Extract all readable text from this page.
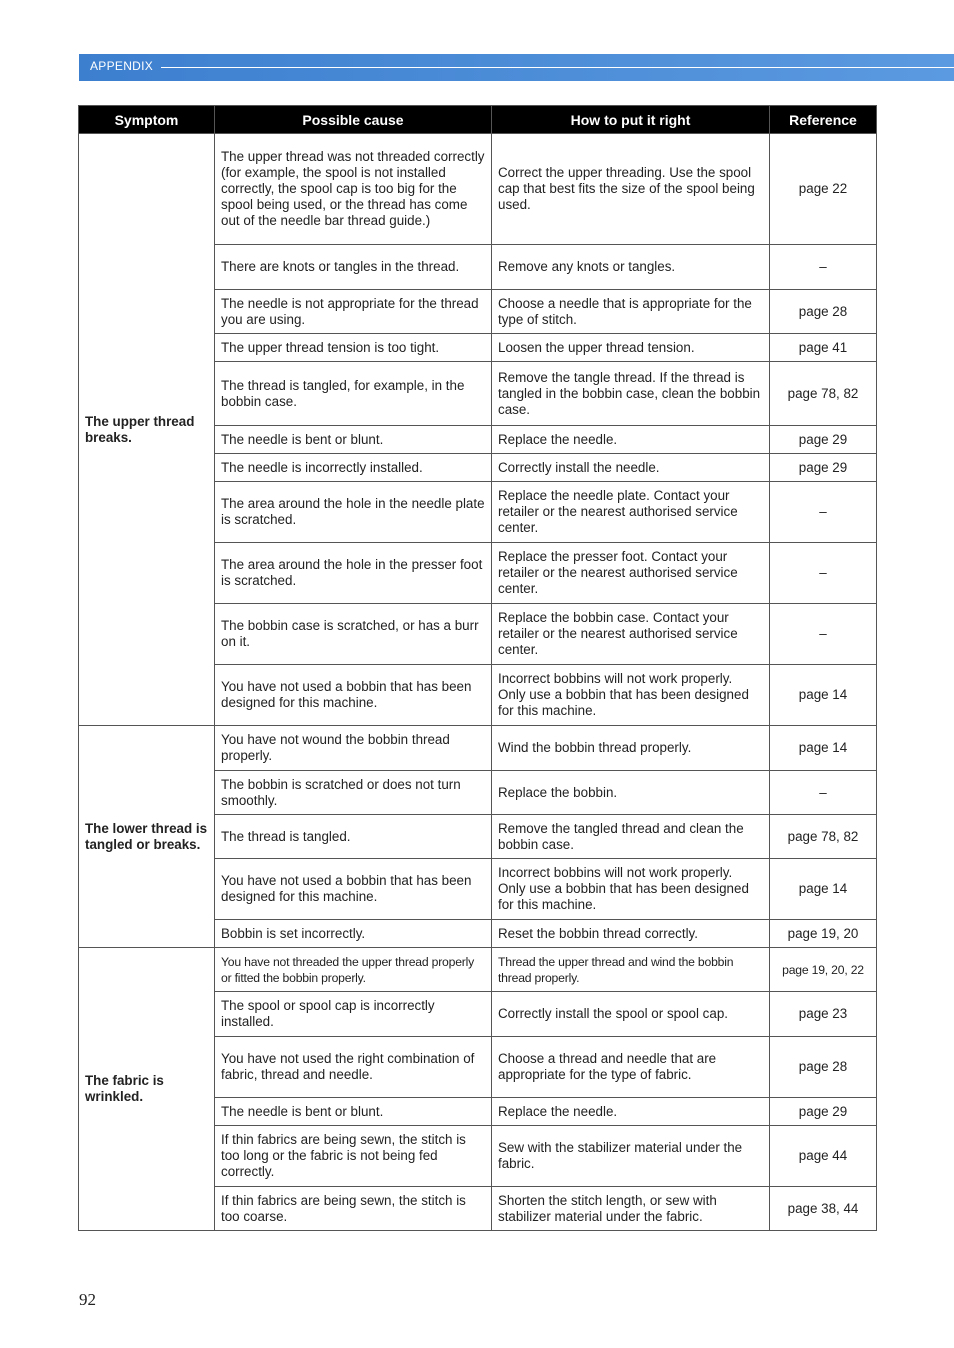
APPENDIX
Symptom	Possible cause	How to put it right	Reference
The upper thread breaks.	The upper thread was not threaded correctly (for example, the spool is not installed correctly, the spool cap is too big for the spool being used, or the thread has come out of the needle bar thread guide.)	Correct the upper threading. Use the spool cap that best fits the size of the spool being used.	page 22
	There are knots or tangles in the thread.	Remove any knots or tangles.	–
	The needle is not appropriate for the thread you are using.	Choose a needle that is appropriate for the type of stitch.	page 28
	The upper thread tension is too tight.	Loosen the upper thread tension.	page 41
	The thread is tangled, for example, in the bobbin case.	Remove the tangle thread. If the thread is tangled in the bobbin case, clean the bobbin case.	page 78, 82
	The needle is bent or blunt.	Replace the needle.	page 29
	The needle is incorrectly installed.	Correctly install the needle.	page 29
	The area around the hole in the needle plate is scratched.	Replace the needle plate. Contact your retailer or the nearest authorised service center.	–
	The area around the hole in the presser foot is scratched.	Replace the presser foot. Contact your retailer or the nearest authorised service center.	–
	The bobbin case is scratched, or has a burr on it.	Replace the bobbin case. Contact your retailer or the nearest authorised service center.	–
	You have not used a bobbin that has been designed for this machine.	Incorrect bobbins will not work properly. Only use a bobbin that has been designed for this machine.	page 14
The lower thread is tangled or breaks.	You have not wound the bobbin thread properly.	Wind the bobbin thread properly.	page 14
	The bobbin is scratched or does not turn smoothly.	Replace the bobbin.	–
	The thread is tangled.	Remove the tangled thread and clean the bobbin case.	page 78, 82
	You have not used a bobbin that has been designed for this machine.	Incorrect bobbins will not work properly. Only use a bobbin that has been designed for this machine.	page 14
	Bobbin is set incorrectly.	Reset the bobbin thread correctly.	page 19, 20
The fabric is wrinkled.	You have not threaded the upper thread properly or fitted the bobbin properly.	Thread the upper thread and wind the bobbin thread properly.	page 19, 20, 22
	The spool or spool cap is incorrectly installed.	Correctly install the spool or spool cap.	page 23
	You have not used the right combination of fabric, thread and needle.	Choose a thread and needle that are appropriate for the type of fabric.	page 28
	The needle is bent or blunt.	Replace the needle.	page 29
	If thin fabrics are being sewn, the stitch is too long or the fabric is not being fed correctly.	Sew with the stabilizer material under the fabric.	page 44
	If thin fabrics are being sewn, the stitch is too coarse.	Shorten the stitch length, or sew with stabilizer material under the fabric.	page 38, 44
92
